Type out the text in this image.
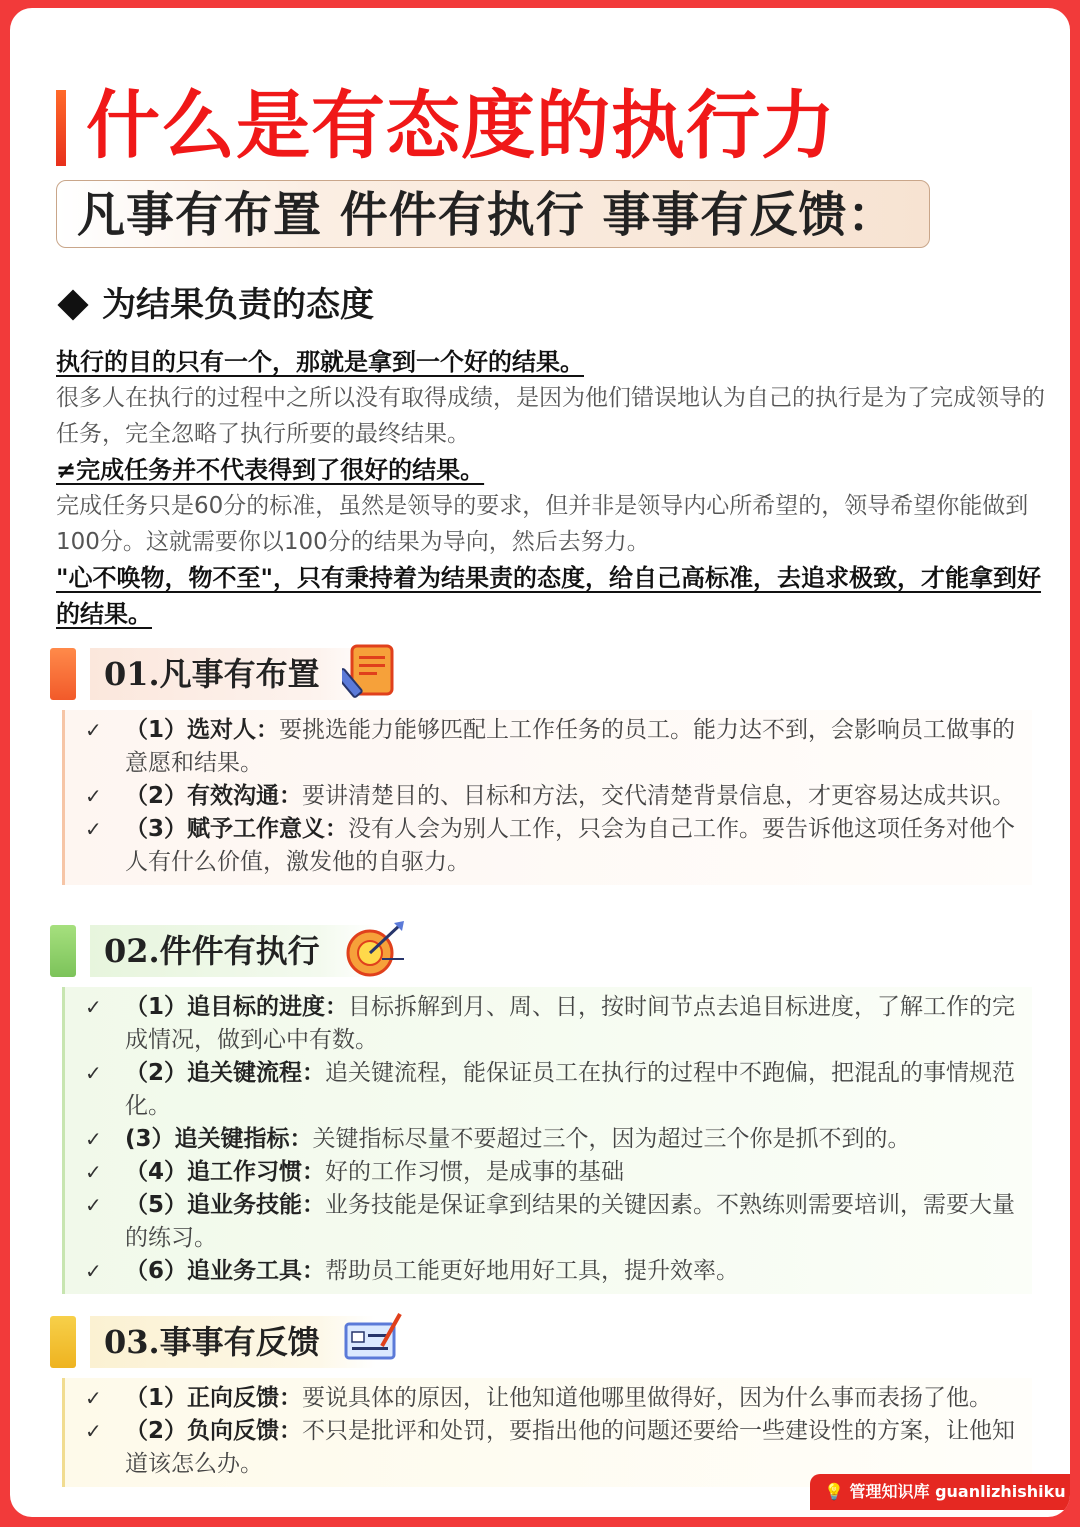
什么是有态度的执行力
凡事有布置 件件有执行 事事有反馈：
为结果负责的态度

执行的目的只有一个，那就是拿到一个好的结果。

很多人在执行的过程中之所以没有取得成绩，是因为他们错误地认为自己的执行是为了完成领导的任务，完全忽略了执行所要的最终结果。

≠完成任务并不代表得到了很好的结果。

完成任务只是60分的标准，虽然是领导的要求，但并非是领导内心所希望的，领导希望你能做到100分。这就需要你以100分的结果为导向，然后去努力。

"心不唤物，物不至"，只有秉持着为结果责的态度，给自己高标准，去追求极致，才能拿到好的结果。

01.凡事有布置
✓ （1）选对人：要挑选能力能够匹配上工作任务的员工。能力达不到，会影响员工做事的意愿和结果。
✓ （2）有效沟通：要讲清楚目的、目标和方法，交代清楚背景信息，才更容易达成共识。
✓ （3）赋予工作意义：没有人会为别人工作，只会为自己工作。要告诉他这项任务对他个人有什么价值，激发他的自驱力。
02.件件有执行
✓ （1）追目标的进度：目标拆解到月、周、日，按时间节点去追目标进度，了解工作的完成情况，做到心中有数。
✓ （2）追关键流程：追关键流程，能保证员工在执行的过程中不跑偏，把混乱的事情规范化。
✓ (3）追关键指标：关键指标尽量不要超过三个，因为超过三个你是抓不到的。
✓ （4）追工作习惯：好的工作习惯，是成事的基础
✓ （5）追业务技能：业务技能是保证拿到结果的关键因素。不熟练则需要培训，需要大量的练习。
✓ （6）追业务工具：帮助员工能更好地用好工具，提升效率。
03.事事有反馈
✓ （1）正向反馈：要说具体的原因，让他知道他哪里做得好，因为什么事而表扬了他。
✓ （2）负向反馈：不只是批评和处罚，要指出他的问题还要给一些建设性的方案，让他知道该怎么办。
💡 管理知识库 guanlizhishiku
